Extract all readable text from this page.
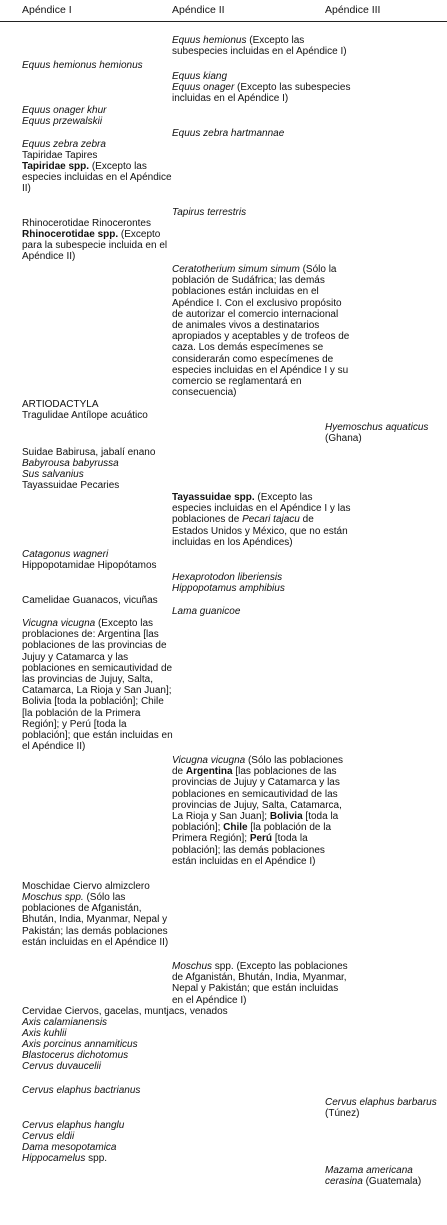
Apéndice I	Apéndice II	Apéndice III
Equus hemionus (Excepto las subespecies incluidas en el Apéndice I)
Equus hemionus hemionus
Equus kiang
Equus onager (Excepto las subespecies incluidas en el Apéndice I)
Equus onager khur
Equus przewalskii
Equus zebra hartmannae
Equus zebra zebra
Tapiridae Tapires
Tapiridae spp. (Excepto las especies incluidas en el Apéndice II)
Tapirus terrestris
Rhinocerotidae Rinocerontes
Rhinocerotidae spp. (Excepto para la subespecie incluida en el Apéndice II)
Ceratotherium simum simum (Sólo la población de Sudáfrica; las demás poblaciones están incluidas en el Apéndice I. Con el exclusivo propósito de autorizar el comercio internacional de animales vivos a destinatarios apropiados y aceptables y de trofeos de caza. Los demás especímenes se considerarán como especímenes de especies incluidas en el Apéndice I y su comercio se reglamentará en consecuencia)
ARTIODACTYLA
Tragulidae Antílope acuático
Hyemoschus aquaticus (Ghana)
Suidae Babirusa, jabalí enano
Babyrousa babyrussa
Sus salvanius
Tayassuidae Pecaries
Tayassuidae spp. (Excepto las especies incluidas en el Apéndice I y las poblaciones de Pecari tajacu de Estados Unidos y México, que no están incluidas en los Apéndices)
Catagonus wagneri
Hippopotamidae Hipopótamos
Hexaprotodon liberiensis
Hippopotamus amphibius
Camelidae Guanacos, vicuñas
Lama guanicoe
Vicugna vicugna (Excepto las problaciones de: Argentina [las poblaciones de las provincias de Jujuy y Catamarca y las poblaciones en semicautividad de las provincias de Jujuy, Salta, Catamarca, La Rioja y San Juan]; Bolivia [toda la población]; Chile [la población de la Primera Región]; y Perú [toda la población]; que están incluidas en el Apéndice II)
Vicugna vicugna (Sólo las poblaciones de Argentina [las poblaciones de las provincias de Jujuy y Catamarca y las poblaciones en semicautividad de las provincias de Jujuy, Salta, Catamarca, La Rioja y San Juan]; Bolivia [toda la población]; Chile [la población de la Primera Región]; Perú [toda la población]; las demás poblaciones están incluidas en el Apéndice I)
Moschidae Ciervo almizclero
Moschus spp. (Sólo las poblaciones de Afganistán, Bhután, India, Myanmar, Nepal y Pakistán; las demás poblaciones están incluidas en el Apéndice II)
Moschus spp. (Excepto las poblaciones de Afganistán, Bhután, India, Myanmar, Nepal y Pakistán; que están incluidas en el Apéndice I)
Cervidae Ciervos, gacelas, muntjacs, venados
Axis calamianensis
Axis kuhlii
Axis porcinus annamiticus
Blastocerus dichotomus
Cervus duvaucelii
Cervus elaphus bactrianus
Cervus elaphus barbarus (Túnez)
Cervus elaphus hanglu
Cervus eldii
Dama mesopotamica
Hippocamelus spp.
Mazama americana cerasina (Guatemala)
